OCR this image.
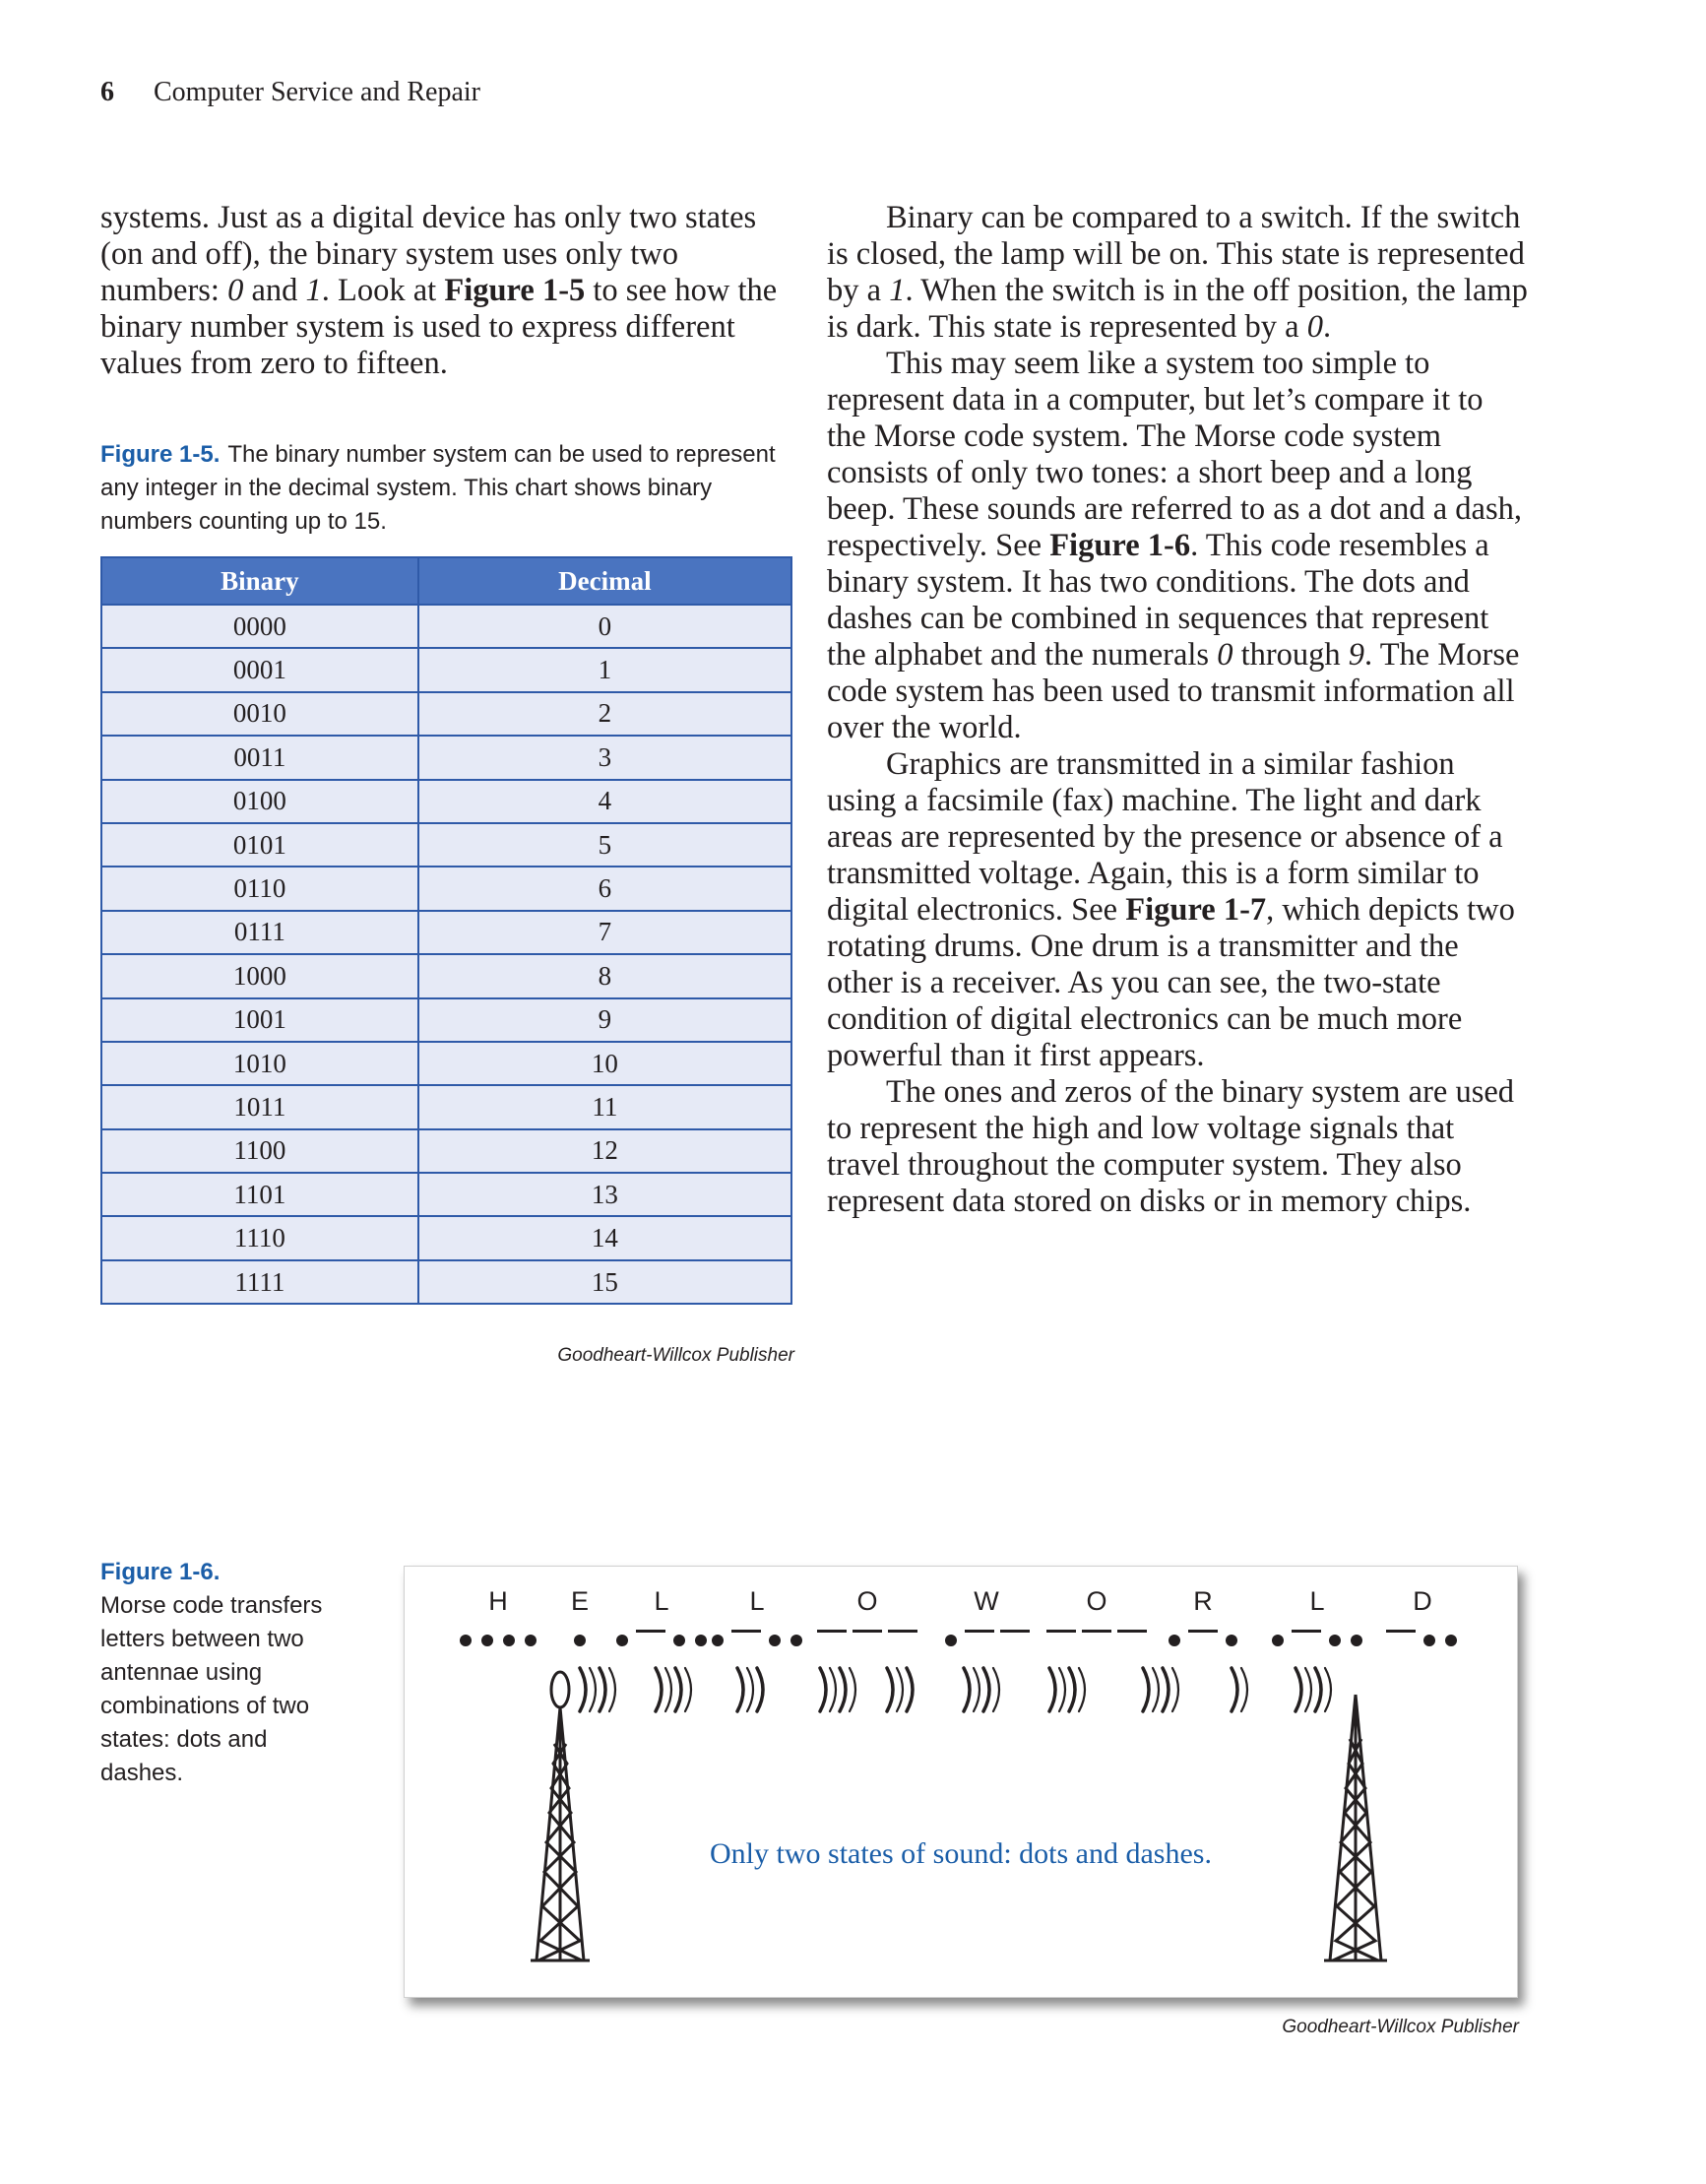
6 Computer Service and Repair

systems. Just as a digital device has only two states (on and off), the binary system uses only two numbers: 0 and 1. Look at Figure 1-5 to see how the binary number system is used to express different values from zero to fifteen.

Figure 1-5. The binary number system can be used to represent any integer in the decimal system. This chart shows binary numbers counting up to 15.
Binary	Decimal
0000	0
0001	1
0010	2
0011	3
0100	4
0101	5
0110	6
0111	7
1000	8
1001	9
1010	10
1011	11
1100	12
1101	13
1110	14
1111	15
Goodheart-Willcox Publisher

Binary can be compared to a switch. If the switch is closed, the lamp will be on. This state is represented by a 1. When the switch is in the off position, the lamp is dark. This state is represented by a 0.

This may seem like a system too simple to represent data in a computer, but let’s compare it to the Morse code system. The Morse code system consists of only two tones: a short beep and a long beep. These sounds are referred to as a dot and a dash, respectively. See Figure 1-6. This code resembles a binary system. It has two conditions. The dots and dashes can be combined in sequences that represent the alphabet and the numerals 0 through 9. The Morse code system has been used to transmit information all over the world.

Graphics are transmitted in a similar fashion using a facsimile (fax) machine. The light and dark areas are represented by the presence or absence of a transmitted voltage. Again, this is a form similar to digital electronics. See Figure 1-7, which depicts two rotating drums. One drum is a transmitter and the other is a receiver. As you can see, the two-state condition of digital electronics can be much more powerful than it first appears.

The ones and zeros of the binary system are used to represent the high and low voltage signals that travel throughout the computer system. They also represent data stored on disks or in memory chips.

Figure 1-6.
Morse code transfers letters between two antennae using combinations of two states: dots and dashes.
H E L	L	O	W	O	R	L	D
Only two states of sound: dots and dashes.
Goodheart-Willcox Publisher
